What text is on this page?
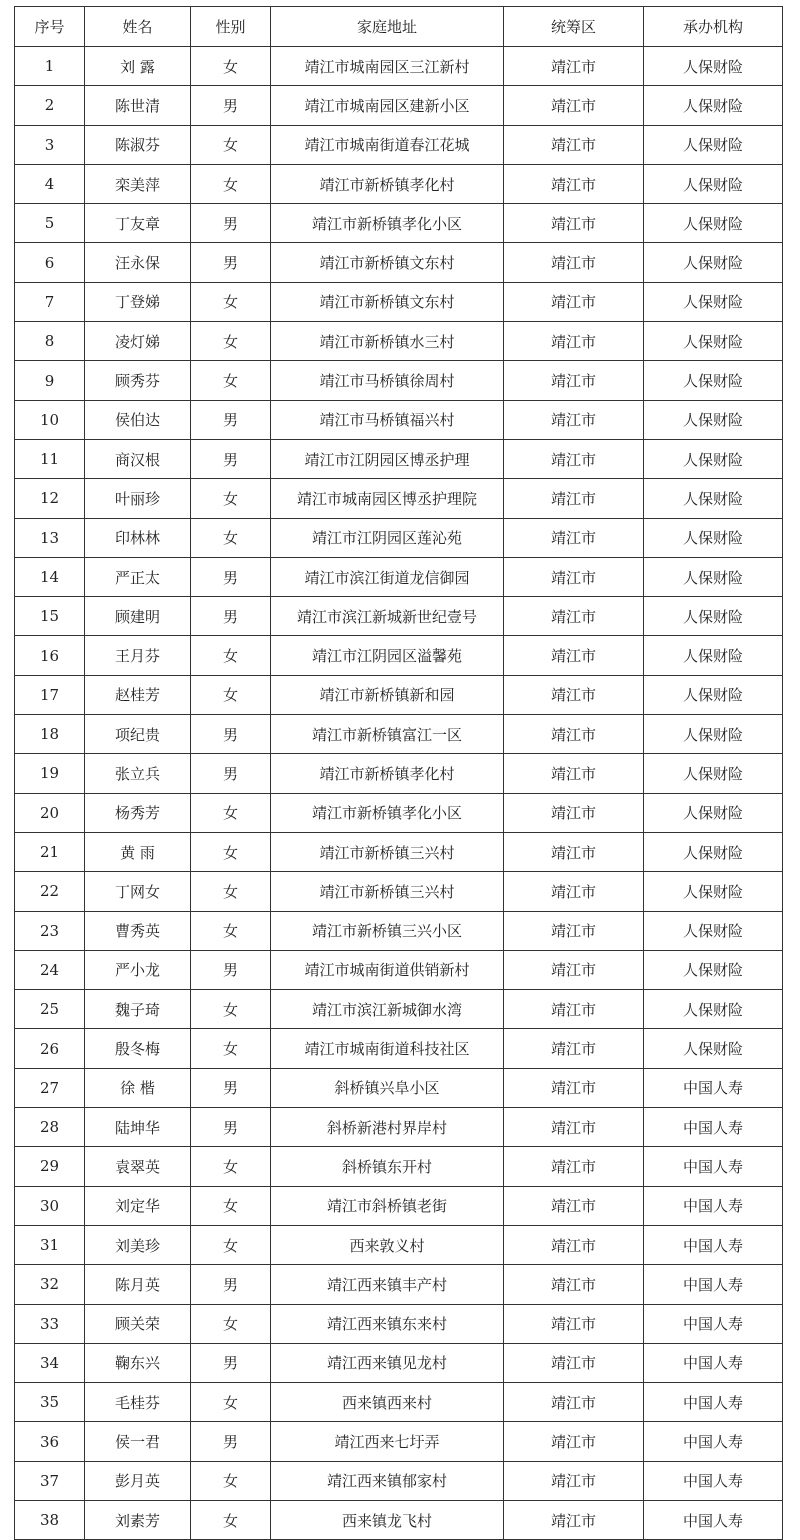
序号	姓名	性别	家庭地址	统筹区	承办机构
1	刘 露	女	靖江市城南园区三江新村	靖江市	人保财险
2	陈世清	男	靖江市城南园区建新小区	靖江市	人保财险
3	陈淑芬	女	靖江市城南街道春江花城	靖江市	人保财险
4	栾美萍	女	靖江市新桥镇孝化村	靖江市	人保财险
5	丁友章	男	靖江市新桥镇孝化小区	靖江市	人保财险
6	汪永保	男	靖江市新桥镇文东村	靖江市	人保财险
7	丁登娣	女	靖江市新桥镇文东村	靖江市	人保财险
8	凌灯娣	女	靖江市新桥镇水三村	靖江市	人保财险
9	顾秀芬	女	靖江市马桥镇徐周村	靖江市	人保财险
10	侯伯达	男	靖江市马桥镇福兴村	靖江市	人保财险
11	商汉根	男	靖江市江阴园区博丞护理	靖江市	人保财险
12	叶丽珍	女	靖江市城南园区博丞护理院	靖江市	人保财险
13	印林林	女	靖江市江阴园区莲沁苑	靖江市	人保财险
14	严正太	男	靖江市滨江街道龙信御园	靖江市	人保财险
15	顾建明	男	靖江市滨江新城新世纪壹号	靖江市	人保财险
16	王月芬	女	靖江市江阴园区溢馨苑	靖江市	人保财险
17	赵桂芳	女	靖江市新桥镇新和园	靖江市	人保财险
18	项纪贵	男	靖江市新桥镇富江一区	靖江市	人保财险
19	张立兵	男	靖江市新桥镇孝化村	靖江市	人保财险
20	杨秀芳	女	靖江市新桥镇孝化小区	靖江市	人保财险
21	黄 雨	女	靖江市新桥镇三兴村	靖江市	人保财险
22	丁网女	女	靖江市新桥镇三兴村	靖江市	人保财险
23	曹秀英	女	靖江市新桥镇三兴小区	靖江市	人保财险
24	严小龙	男	靖江市城南街道供销新村	靖江市	人保财险
25	魏子琦	女	靖江市滨江新城御水湾	靖江市	人保财险
26	殷冬梅	女	靖江市城南街道科技社区	靖江市	人保财险
27	徐 楷	男	斜桥镇兴阜小区	靖江市	中国人寿
28	陆坤华	男	斜桥新港村界岸村	靖江市	中国人寿
29	袁翠英	女	斜桥镇东开村	靖江市	中国人寿
30	刘定华	女	靖江市斜桥镇老街	靖江市	中国人寿
31	刘美珍	女	西来敦义村	靖江市	中国人寿
32	陈月英	男	靖江西来镇丰产村	靖江市	中国人寿
33	顾关荣	女	靖江西来镇东来村	靖江市	中国人寿
34	鞠东兴	男	靖江西来镇见龙村	靖江市	中国人寿
35	毛桂芬	女	西来镇西来村	靖江市	中国人寿
36	侯一君	男	靖江西来七圩弄	靖江市	中国人寿
37	彭月英	女	靖江西来镇郁家村	靖江市	中国人寿
38	刘素芳	女	西来镇龙飞村	靖江市	中国人寿
